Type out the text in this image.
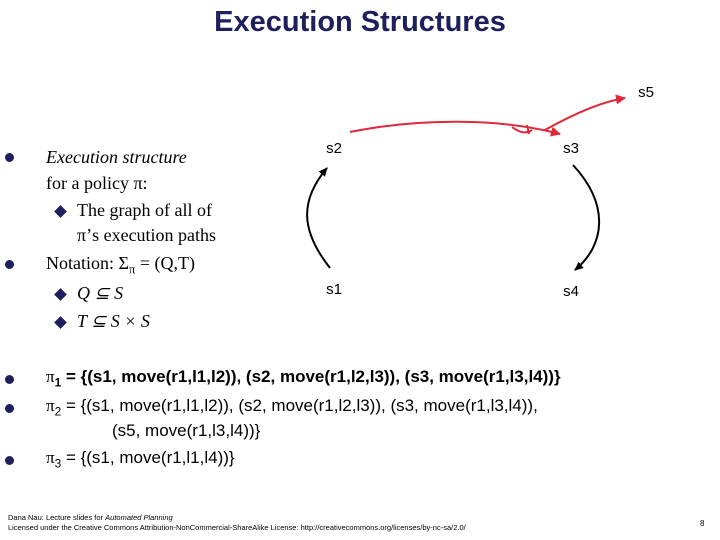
Execution Structures
Execution structure
for a policy π:
The graph of all of
π’s execution paths
Notation: $\Sigma_\pi = (Q,T)$
Q ⊆ S
T ⊆ S × S
s5
s2	s3
s1	s4
$\pi_1 = \{(s1$, move(r1,l1,l2)), (s2, move(r1,l2,l3)), (s3, move(r1,l3,l4))}
$\pi_2 = \{(s1$, move(r1,l1,l2)), (s2, move(r1,l2,l3)), (s3, move(r1,l3,l4)),
(s5, move(r1,l3,l4))}
$\pi_3 = \{(s1$, move(r1,l1,l4))}
Dana Nau: Lecture slides for Automated Planning
Licensed under the Creative Commons Attribution-NonCommercial-ShareAlike License: http://creativecommons.org/licenses/by-nc-sa/2.0/	8
